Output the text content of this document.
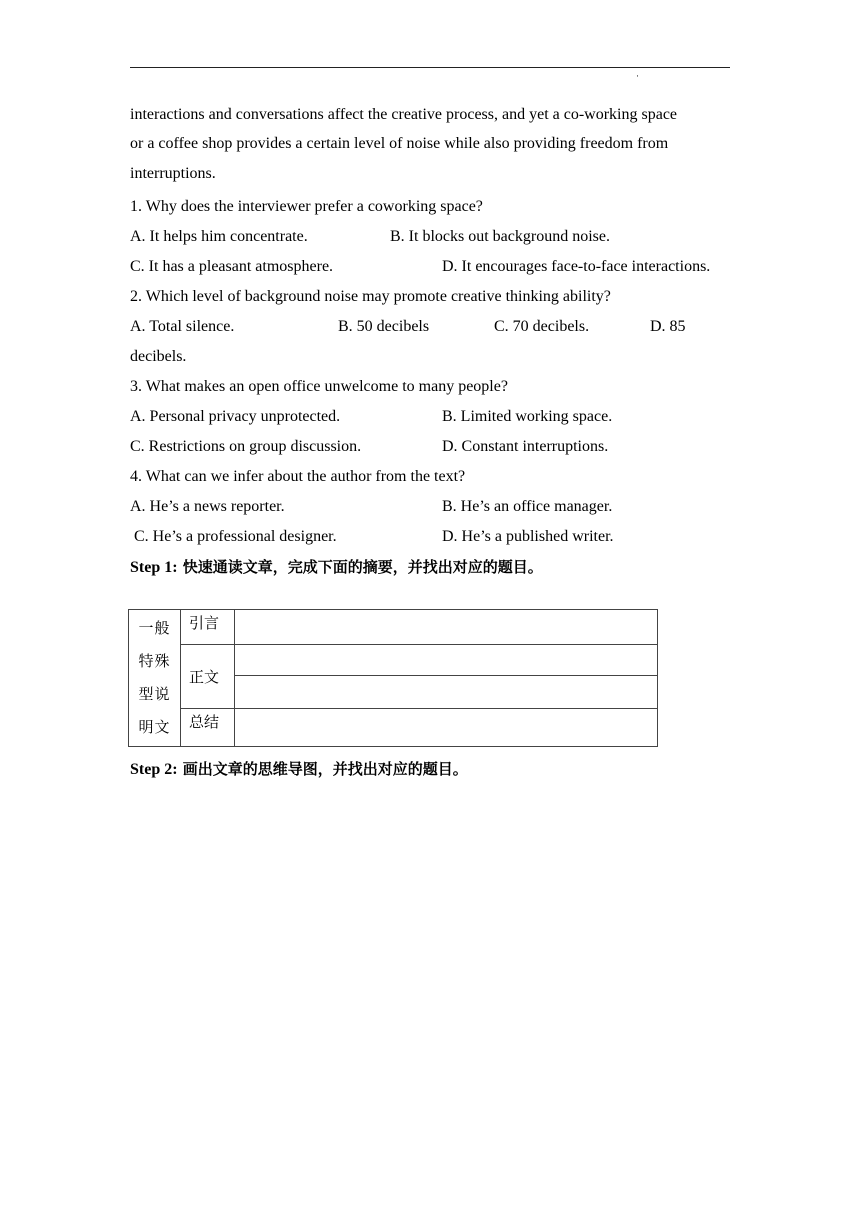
·
interactions and conversations affect the creative process, and yet a co-working space
or a coffee shop provides a certain level of noise while also providing freedom from
interruptions.
1. Why does the interviewer prefer a coworking space?
A. It helps him concentrate.	B. It blocks out background noise.
C. It has a pleasant atmosphere.	D. It encourages face-to-face interactions.
2. Which level of background noise may promote creative thinking ability?
A. Total silence.	B. 50 decibels	C. 70 decibels.	D. 85
decibels.
3. What makes an open office unwelcome to many people?
A. Personal privacy unprotected.	B. Limited working space.
C. Restrictions on group discussion.	D. Constant interruptions.
4. What can we infer about the author from the text?
A. He’s a news reporter.	B. He’s an office manager.
C. He’s a professional designer.	D. He’s a published writer.
Step 1: 快速通读文章，完成下面的摘要，并找出对应的题目。
一般
特殊
型说
明文	引言	
	正文	

	总结	
Step 2: 画出文章的思维导图，并找出对应的题目。
